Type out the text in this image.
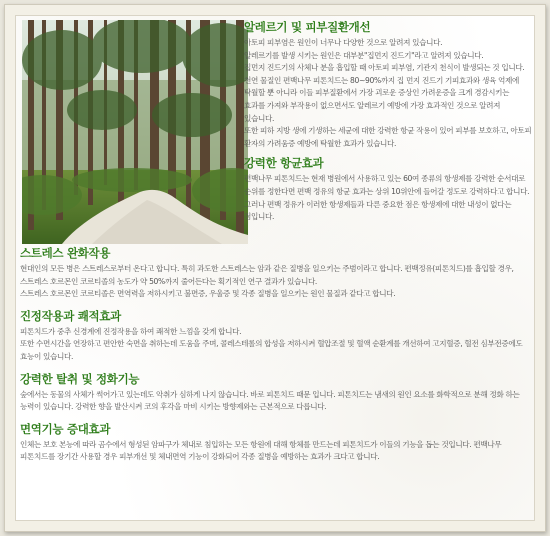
알레르기 및 피부질환개선

아토피 피부염은 원인이 너무나 다양한 것으로 알려져 있습니다.

알레르기를 발생 시키는 원인은 대부분"집먼지 진드기"라고 알려져 있습니다.

집먼지 진드기의 사체나 분을 흡입할 때 아토피 피부염, 기관지 천식이 발생되는 것 입니다. 천연 물질인 편백나무 피톤치드는 80~90%까지 집 먼지 진드기 기피효과와 생육 억제에 탁월할 뿐 아니라 이들 피부질환에서 가장 괴로운 증상인 가려운증을 크게 경감시키는 효과를 가져와 부작용이 없으면서도 알레르기 예방에 가장 효과적인 것으로 알려져 있습니다.

또한 피하 지방 생에 기생하는 세균에 대한 강력한 항균 작용이 있어 피부를 보호하고, 아토피 환자의 가려움증 예방에 탁월한 효과가 있습니다.

강력한 항균효과

편백나무 피톤치드는 현재 병원에서 사용하고 있는 60여 종류의 항생제를 강력한 순서대로 순위를 정한다면 편백 정유의 항균 효과는 상위 10위안에 들어갈 정도로 강력하다고 합니다. 그러나 편백 정유가 이러한 항생제들과 다른 중요한 점은 항생제에 대한 내성이 없다는 점입니다.

스트레스 완화작용

현대인의 모든 병은 스트레스로부터 온다고 합니다. 특히 과도한 스트레스는 암과 같은 질병을 일으키는 주범이라고 합니다. 편백정유(피톤치드)를 흡입할 경우, 스트레스 호르몬인 코르티졸의 농도가 약 50%까지 줄어든다는 획기적인 연구 결과가 있습니다.

스트레스 호르몬인 코르티졸은 면역력을 저하시키고 불면증, 우울증 및 각종 질병을 일으키는 원인 물질과 같다고 합니다.

진정작용과 쾌적효과

피톤치드가 중추 신경계에 진정작용을 하여 쾌적한 느낌을 갖게 합니다.

또한 수면시간을 연장하고 편안한 숙면을 취하는데 도움을 주며, 콜레스테롤의 합성을 저하시켜 혈압조절 및 혈액 순환계를 개선하여 고지혈증, 혈전 심부전증에도 효능이 있습니다.

강력한 탈취 및 정화기능

숲에서는 동물의 사체가 썩어가고 있는데도 악취가 심하게 나지 않습니다. 바로 피톤치드 때문 입니다. 피톤치드는 냄새의 원인 요소를 화학적으로 분해 정화 하는 능력이 있습니다. 강력한 향을 발산시켜 코의 후각을 마비 시키는 방향제와는 근본적으로 다릅니다.

면역기능 증대효과

인체는 보호 본능에 따라 곰수에서 형성된 암파구가 체내로 침입하는 모든 항원에 대해 항체를 만드는데 피톤치드가 이들의 기능을 돕는 것입니다. 편백나무 피톤치드를 장기간 사용할 경우 피부개선 및 체내면역 기능이 강화되어 각종 질병을 예방하는 효과가 크다고 합니다.
